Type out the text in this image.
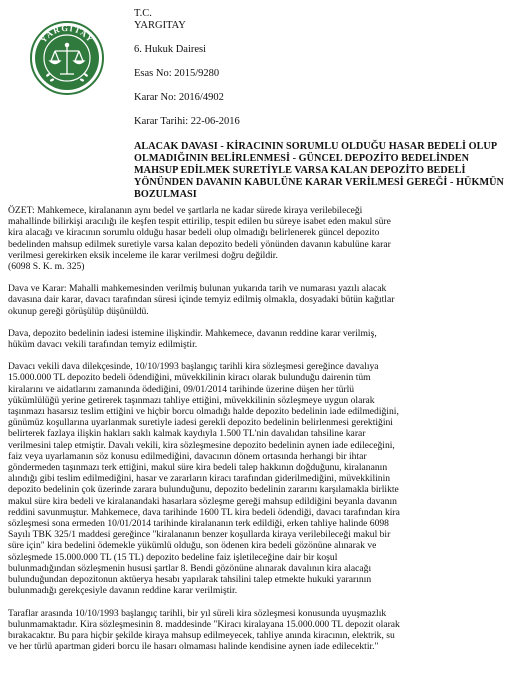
YARGITAY
T.C.
YARGITAY
6. Hukuk Dairesi
Esas No: 2015/9280
Karar No: 2016/4902
Karar Tarihi: 22-06-2016
ALACAK DAVASI - KİRACININ SORUMLU OLDUĞU HASAR BEDELİ OLUP
OLMADIĞININ BELİRLENMESİ - GÜNCEL DEPOZİTO BEDELİNDEN
MAHSUP EDİLMEK SURETİYLE VARSA KALAN DEPOZİTO BEDELİ
YÖNÜNDEN DAVANIN KABULÜNE KARAR VERİLMESİ GEREĞİ - HÜKMÜN
BOZULMASI
ÖZET: Mahkemece, kiralananın aynı bedel ve şartlarla ne kadar sürede kiraya verilebileceği
mahallinde bilirkişi aracılığı ile keşfen tespit ettirilip, tespit edilen bu süreye isabet eden makul süre
kira alacağı ve kiracının sorumlu olduğu hasar bedeli olup olmadığı belirlenerek güncel depozito
bedelinden mahsup edilmek suretiyle varsa kalan depozito bedeli yönünden davanın kabulüne karar
verilmesi gerekirken eksik inceleme ile karar verilmesi doğru değildir.
(6098 S. K. m. 325)
Dava ve Karar: Mahalli mahkemesinden verilmiş bulunan yukarıda tarih ve numarası yazılı alacak
davasına dair karar, davacı tarafından süresi içinde temyiz edilmiş olmakla, dosyadaki bütün kağıtlar
okunup gereği görüşülüp düşünüldü.
Dava, depozito bedelinin iadesi istemine ilişkindir. Mahkemece, davanın reddine karar verilmiş,
hüküm davacı vekili tarafından temyiz edilmiştir.
Davacı vekili dava dilekçesinde, 10/10/1993 başlangıç tarihli kira sözleşmesi gereğince davalıya
15.000.000 TL depozito bedeli ödendiğini, müvekkilinin kiracı olarak bulunduğu dairenin tüm
kiralarını ve aidatlarını zamanında ödediğini, 09/01/2014 tarihinde üzerine düşen her türlü
yükümlülüğü yerine getirerek taşınmazı tahliye ettiğini, müvekkilinin sözleşmeye uygun olarak
taşınmazı hasarsız teslim ettiğini ve hiçbir borcu olmadığı halde depozito bedelinin iade edilmediğini,
günümüz koşullarına uyarlanmak suretiyle iadesi gerekli depozito bedelinin belirlenmesi gerektiğini
belirterek fazlaya ilişkin hakları saklı kalmak kaydıyla 1.500 TL'nin davalıdan tahsiline karar
verilmesini talep etmiştir. Davalı vekili, kira sözleşmesine depozito bedelinin aynen iade edileceğini,
faiz veya uyarlamanın söz konusu edilmediğini, davacının dönem ortasında herhangi bir ihtar
göndermeden taşınmazı terk ettiğini, makul süre kira bedeli talep hakkının doğduğunu, kiralananın
alındığı gibi teslim edilmediğini, hasar ve zararların kiracı tarafından giderilmediğini, müvekkilinin
depozito bedelinin çok üzerinde zarara bulunduğunu, depozito bedelinin zararını karşılamakla birlikte
makul süre kira bedeli ve kiralanandaki hasarlara sözleşme gereği mahsup edildiğini beyanla davanın
reddini savunmuştur. Mahkemece, dava tarihinde 1600 TL kira bedeli ödendiği, davacı tarafından kira
sözleşmesi sona ermeden 10/01/2014 tarihinde kiralananın terk edildiği, erken tahliye halinde 6098
Sayılı TBK 325/1 maddesi gereğince "kiralananın benzer koşullarda kiraya verilebileceği makul bir
süre için" kira bedelini ödemekle yükümlü olduğu, son ödenen kira bedeli gözönüne alınarak ve
sözleşmede 15.000.000 TL (15 TL) depozito bedeline faiz işletileceğine dair bir koşul
bulunmadığından sözleşmenin hususi şartlar 8. Bendi gözönüne alınarak davalının kira alacağı
bulunduğundan depozitonun aktüerya hesabı yapılarak tahsilini talep etmekte hukuki yararının
bulunmadığı gerekçesiyle davanın reddine karar verilmiştir.
Taraflar arasında 10/10/1993 başlangıç tarihli, bir yıl süreli kira sözleşmesi konusunda uyuşmazlık
bulunmamaktadır. Kira sözleşmesinin 8. maddesinde "Kiracı kiralayana 15.000.000 TL depozit olarak
bırakacaktır. Bu para hiçbir şekilde kiraya mahsup edilmeyecek, tahliye anında kiracının, elektrik, su
ve her türlü apartman gideri borcu ile hasarı olmaması halinde kendisine aynen iade edilecektir."
